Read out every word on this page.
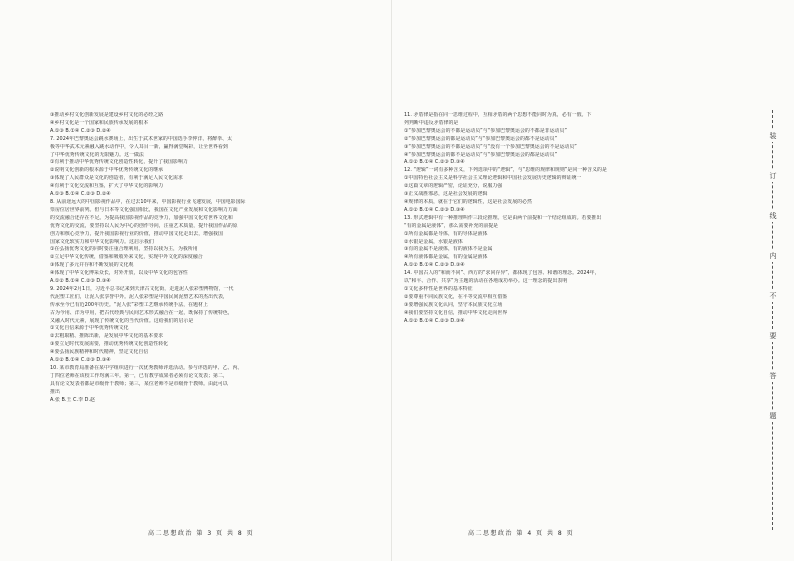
③推动乡村文化创新发展是建设乡村文化的必经之路
④乡村文化是一个国家和民族传承发展的根本
A.①③ B.①④ C.②③ D.②④
7. 2024年巴黎奥运会跳水赛场上，出生于武术世家的中国选手李仲洋，将醉拳、太
极等中华武术元素融入跳水动作中，令人耳目一新，赢得满堂喝彩，让全世界看到
了中华优秀传统文化的无限魅力。这一做法
①有利于推动中华优秀传统文化创造性转化，提升了我国影响力
②说明文化创新的根本源于中华优秀传统文化的继承
③体现了人民群众是文化的创造者，有利于满足人民文化需求
④有利于文化交流和互鉴，扩大了中华文化的影响力
A.①③ B.①④ C.②③ D.②④
8. 从前途远大的中国影视作品中，在过去10年来，中国影视行业飞速发展，中国电影国际
票房位居世界前列。但与日本等文化强国相比，我国在文化产业发展和文化影响力方面
的交流融合还存在不足。为提高我国影视作品的竞争力，加强中国文化对世界文化和
优秀文化的交流，要坚持以人民为中心的创作导向，注重艺术质量，提升我国作品的原
创力和核心竞争力，提升我国影视行业的价值，推动中国文化走出去，增强我国
国家文化软实力和中华文化影响力。这启示我们
①在弘扬优秀文化的同时要注重合理利用，坚持以我为主，为我所用
②立足中华文化传统，借鉴和吸收外来文化，实现中外文化的深度融合
③体现了多元并存和不断发展的文化观
④体现了中华文化博采众长，对外开放，以及中华文化的包容性
A.①② B.①④ C.②③ D.③④
9. 2024年2月1日，习近平总书记来到天津古文化街，走进泥人张彩塑博物馆，一代
代泥塑工匠们，让泥人张享誉中外。泥人张彩塑是中国民间泥塑艺术的杰出代表，
传承至今已有近200年历史。“泥人张”彩塑工艺继承传统手法，在题材上
古为今用、洋为中用，把古代经典与民间艺术形式融合在一起，既保持了传统特色，
又融入时代元素，展现了传统文化的当代价值。这给我们的启示是
①文化自信来源于中华优秀传统文化
②去粗取精、推陈出新，是发展中华文化的基本要求
③要立足时代发展需要，推动优秀传统文化创造性转化
④要弘扬民族精神和时代精神，坚定文化自信
A.①② B.①④ C.②③ D.③④
10. 某市教育局准备在某中学组织进行一次优秀教师评选活动。参与评选的甲、乙、丙、
丁四位老师在该校工作均满三年。第一，已有教学成果者必须有论文发表；第二，
具有论文发表者都是市级骨干教师；第三，某位老师不是市级骨干教师。由此可以
推出
A.张 B.王 C.李 D.赵
高二思想政治 第 3 页 共 8 页
11. 矛盾律是指在同一思维过程中，互相矛盾的两个思想不能同时为真，必有一假。下
列判断中违反矛盾律的是
①“参加巴黎奥运会的不都是运动员”与“参加巴黎奥运会的不都是非运动员”
②“参加巴黎奥运会的都是运动员”与“参加巴黎奥运会的都不是运动员”
③“参加巴黎奥运会的不都是运动员”与“没有一个参加巴黎奥运会的不是运动员”
④“参加巴黎奥运会的都不是运动员”与“参加巴黎奥运会的都是运动员”
A.①② B.①④ C.②③ D.③④
12. “逻辑”一词有多种含义，下列选项中的“逻辑”，与“思维的规律和规则”是同一种含义的是
①中国特色社会主义是科学社会主义理论逻辑和中国社会发展历史逻辑的辩证统一
②这篇文章的逻辑严密，论证充分，说服力强
③正义战胜邪恶，这是社会发展的逻辑
④规律的本质，就在于它们的逻辑性，这是社会发展的必然
A.①② B.①④ C.②③ D.③④
13. 形式逻辑中有一种推理叫作三段论推理。它是由两个前提和一个结论组成的。若要推出
“有的金属是液体”，那么需要补充的前提是
①所有金属都是导体，有的导体是液体
②水银是金属，水银是液体
③有的金属不是液体，有的液体不是金属
④所有液体都是金属，有的金属是液体
A.①② B.①④ C.②③ D.③④
14. 中国古人的“和而不同”、西方的“求同存异”，都体现了包容、和谐的理念。2024年，
以“和平、合作、共享”为主题的活动在各地成功举办。这一理念的提出表明
①文化多样性是世界的基本特征
②要尊重不同民族文化，在平等交流中相互借鉴
③要增强民族文化认同，坚守本民族文化立场
④我们要坚持文化自信，推动中华文化走向世界
A.①② B.①④ C.②③ D.③④
高二思想政治 第 4 页 共 8 页
装
订
线
内
不
要
答
题
